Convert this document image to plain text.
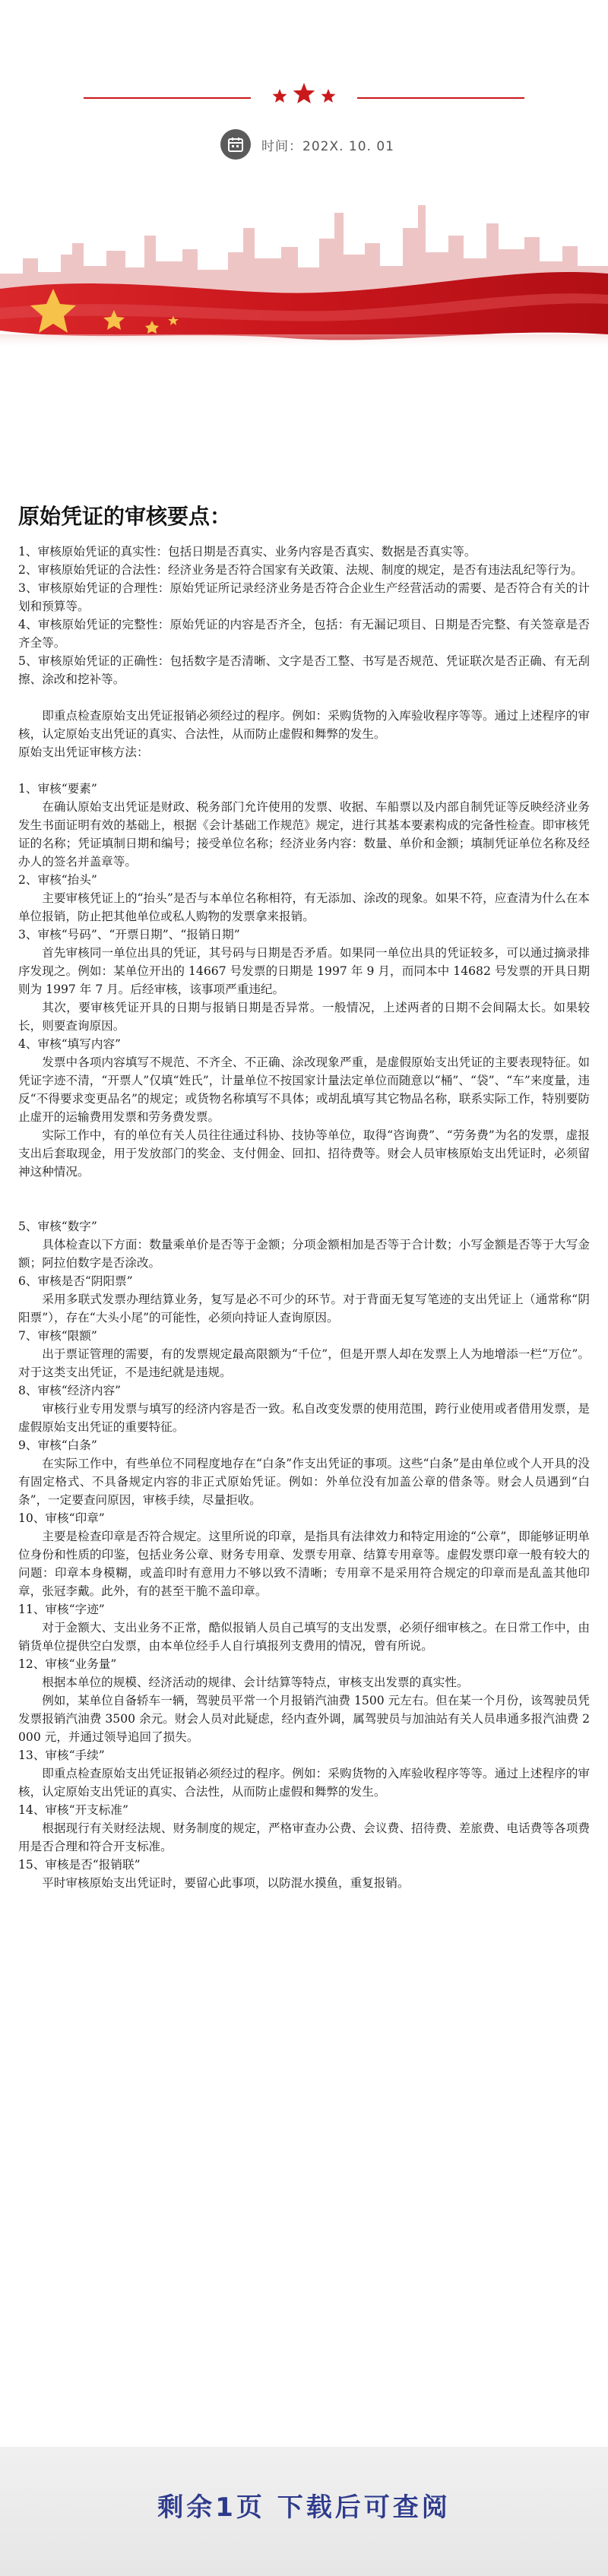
时间：202X. 10. 01
原始凭证的审核要点：

1、审核原始凭证的真实性：包括日期是否真实、业务内容是否真实、数据是否真实等。

2、审核原始凭证的合法性：经济业务是否符合国家有关政策、法规、制度的规定，是否有违法乱纪等行为。

3、审核原始凭证的合理性：原始凭证所记录经济业务是否符合企业生产经营活动的需要、是否符合有关的计划和预算等。

4、审核原始凭证的完整性：原始凭证的内容是否齐全，包括：有无漏记项目、日期是否完整、有关签章是否齐全等。

5、审核原始凭证的正确性：包括数字是否清晰、文字是否工整、书写是否规范、凭证联次是否正确、有无刮擦、涂改和挖补等。

即重点检查原始支出凭证报销必须经过的程序。例如：采购货物的入库验收程序等等。通过上述程序的审核，认定原始支出凭证的真实、合法性，从而防止虚假和舞弊的发生。

原始支出凭证审核方法：

1、审核“要素”

在确认原始支出凭证是财政、税务部门允许使用的发票、收据、车船票以及内部自制凭证等反映经济业务发生书面证明有效的基础上，根据《会计基础工作规范》规定，进行其基本要素构成的完备性检查。即审核凭证的名称；凭证填制日期和编号；接受单位名称；经济业务内容：数量、单价和金额；填制凭证单位名称及经办人的签名并盖章等。

2、审核“抬头”

主要审核凭证上的“抬头”是否与本单位名称相符，有无添加、涂改的现象。如果不符，应查清为什么在本单位报销，防止把其他单位或私人购物的发票拿来报销。

3、审核“号码”、“开票日期”、“报销日期”

首先审核同一单位出具的凭证，其号码与日期是否矛盾。如果同一单位出具的凭证较多，可以通过摘录排序发现之。例如：某单位开出的 14667 号发票的日期是 1997 年 9 月，而同本中 14682 号发票的开具日期则为 1997 年 7 月。后经审核，该事项严重违纪。

其次，要审核凭证开具的日期与报销日期是否异常。一般情况，上述两者的日期不会间隔太长。如果较长，则要查询原因。

4、审核“填写内容”

发票中各项内容填写不规范、不齐全、不正确、涂改现象严重，是虚假原始支出凭证的主要表现特征。如凭证字迹不清，“开票人”仅填“姓氏”，计量单位不按国家计量法定单位而随意以“桶”、“袋”、“车”来度量，违反“不得要求变更品名”的规定；或货物名称填写不具体；或胡乱填写其它物品名称，联系实际工作，特别要防止虚开的运输费用发票和劳务费发票。

实际工作中，有的单位有关人员往往通过科协、技协等单位，取得“咨询费”、“劳务费”为名的发票，虚报支出后套取现金，用于发放部门的奖金、支付佣金、回扣、招待费等。财会人员审核原始支出凭证时，必须留神这种情况。

5、审核“数字”

具体检查以下方面：数量乘单价是否等于金额；分项金额相加是否等于合计数；小写金额是否等于大写金额；阿拉伯数字是否涂改。

6、审核是否“阴阳票”

采用多联式发票办理结算业务，复写是必不可少的环节。对于背面无复写笔迹的支出凭证上（通常称“阴阳票”），存在“大头小尾”的可能性，必须向持证人查询原因。

7、审核“限额”

出于票证管理的需要，有的发票规定最高限额为“千位”，但是开票人却在发票上人为地增添一栏“万位”。对于这类支出凭证，不是违纪就是违规。

8、审核“经济内容”

审核行业专用发票与填写的经济内容是否一致。私自改变发票的使用范围，跨行业使用或者借用发票，是虚假原始支出凭证的重要特征。

9、审核“白条”

在实际工作中，有些单位不同程度地存在“白条”作支出凭证的事项。这些“白条”是由单位或个人开具的没有固定格式、不具备规定内容的非正式原始凭证。例如：外单位没有加盖公章的借条等。财会人员遇到“白条”，一定要查问原因，审核手续，尽量拒收。

10、审核“印章”

主要是检查印章是否符合规定。这里所说的印章，是指具有法律效力和特定用途的“公章”，即能够证明单位身份和性质的印鉴，包括业务公章、财务专用章、发票专用章、结算专用章等。虚假发票印章一般有较大的问题：印章本身模糊，或盖印时有意用力不够以致不清晰；专用章不是采用符合规定的印章而是乱盖其他印章，张冠李戴。此外，有的甚至干脆不盖印章。

11、审核“字迹”

对于金额大、支出业务不正常，酷似报销人员自己填写的支出发票，必须仔细审核之。在日常工作中，由销货单位提供空白发票，由本单位经手人自行填报列支费用的情况，曾有所说。

12、审核“业务量”

根据本单位的规模、经济活动的规律、会计结算等特点，审核支出发票的真实性。

例如，某单位自备轿车一辆，驾驶员平常一个月报销汽油费 1500 元左右。但在某一个月份，该驾驶员凭发票报销汽油费 3500 余元。财会人员对此疑虑，经内查外调，属驾驶员与加油站有关人员串通多报汽油费 2000 元，并通过领导追回了损失。

13、审核“手续”

即重点检查原始支出凭证报销必须经过的程序。例如：采购货物的入库验收程序等等。通过上述程序的审核，认定原始支出凭证的真实、合法性，从而防止虚假和舞弊的发生。

14、审核“开支标准”

根据现行有关财经法规、财务制度的规定，严格审查办公费、会议费、招待费、差旅费、电话费等各项费用是否合理和符合开支标准。

15、审核是否“报销联”

平时审核原始支出凭证时，要留心此事项，以防混水摸鱼，重复报销。

剩余1页 下载后可查阅
